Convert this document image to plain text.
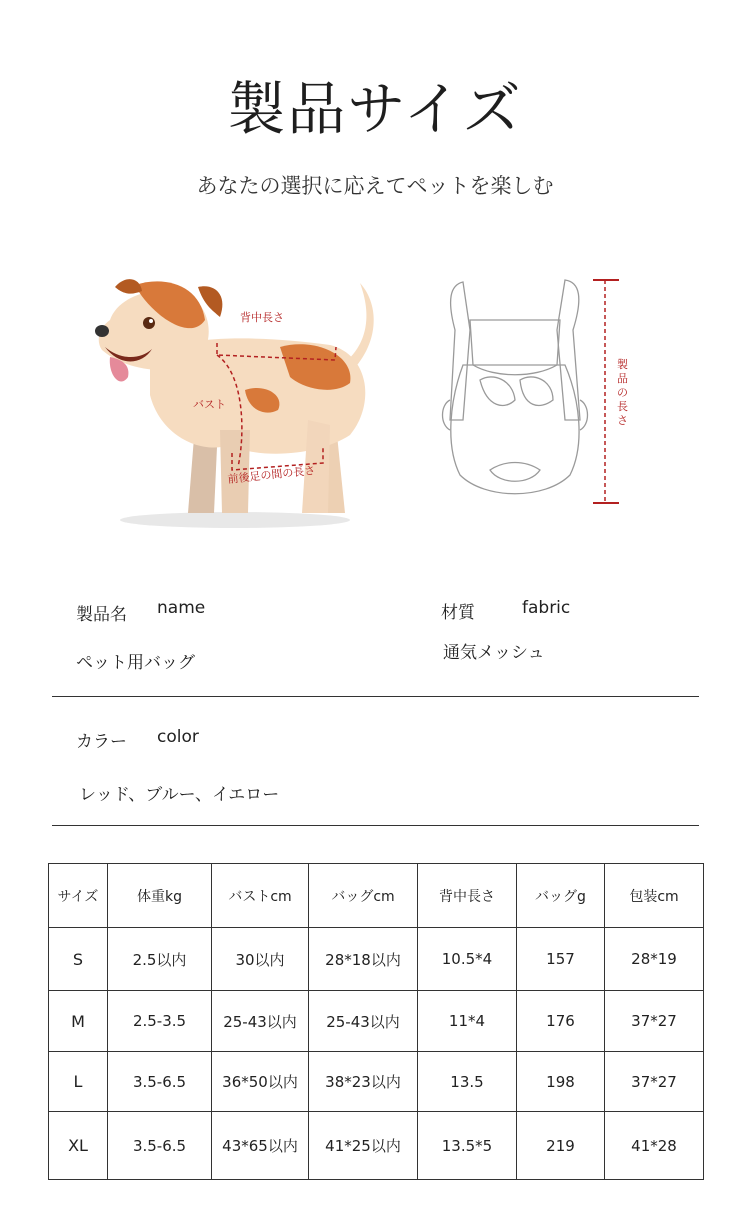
製品サイズ
あなたの選択に応えてペットを楽しむ
背中長さ
バスト
前後足の間の長さ
製品の長さ
製品名 name
ペット用バッグ
材質	fabric
通気メッシュ
カラー color
レッド、ブルー、イエロー
サイズ	体重kg	バストcm	バッグcm	背中長さ	バッグg	包装cm
S	2.5以内	30以内	28*18以内	10.5*4	157	28*19
M	2.5-3.5	25-43以内	25-43以内	11*4	176	37*27
L	3.5-6.5	36*50以内	38*23以内	13.5	198	37*27
XL	3.5-6.5	43*65以内	41*25以内	13.5*5	219	41*28
